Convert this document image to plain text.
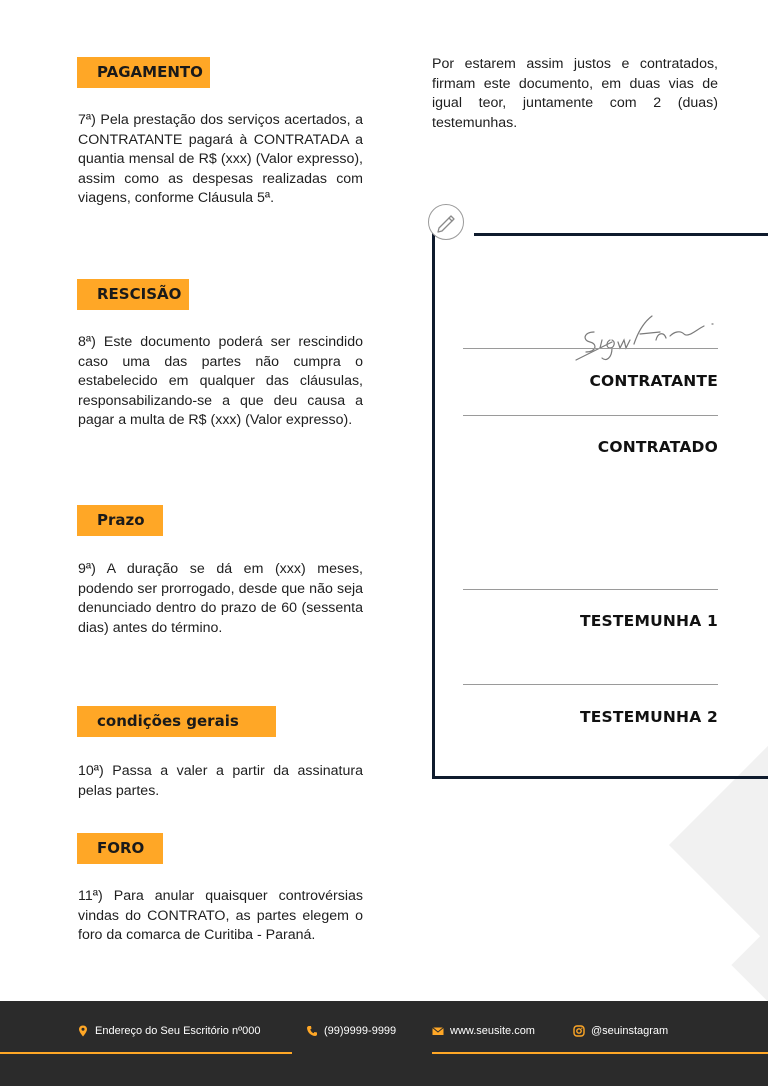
PAGAMENTO

7ª) Pela prestação dos serviços acertados, a CONTRATANTE pagará à CONTRATADA a quantia mensal de R$ (xxx) (Valor expresso), assim como as despesas realizadas com viagens, conforme Cláusula 5ª.

RESCISÃO

8ª) Este documento poderá ser rescindido caso uma das partes não cumpra o estabelecido em qualquer das cláusulas, responsabilizando-se a que deu causa a pagar a multa de R$ (xxx) (Valor expresso).

Prazo

9ª) A duração se dá em (xxx) meses, podendo ser prorrogado, desde que não seja denunciado dentro do prazo de 60 (sessenta dias) antes do término.

condições gerais

10ª) Passa a valer a partir da assinatura pelas partes.

FORO

11ª) Para anular quaisquer controvérsias vindas do CONTRATO, as partes elegem o foro da comarca de Curitiba - Paraná.

Por estarem assim justos e contratados, firmam este documento, em duas vias de igual teor, juntamente com 2 (duas) testemunhas.

CONTRATANTE
CONTRATADO
TESTEMUNHA 1
TESTEMUNHA 2
Endereço do Seu Escritório nº000	(99)9999-9999	www.seusite.com	@seuinstagram
